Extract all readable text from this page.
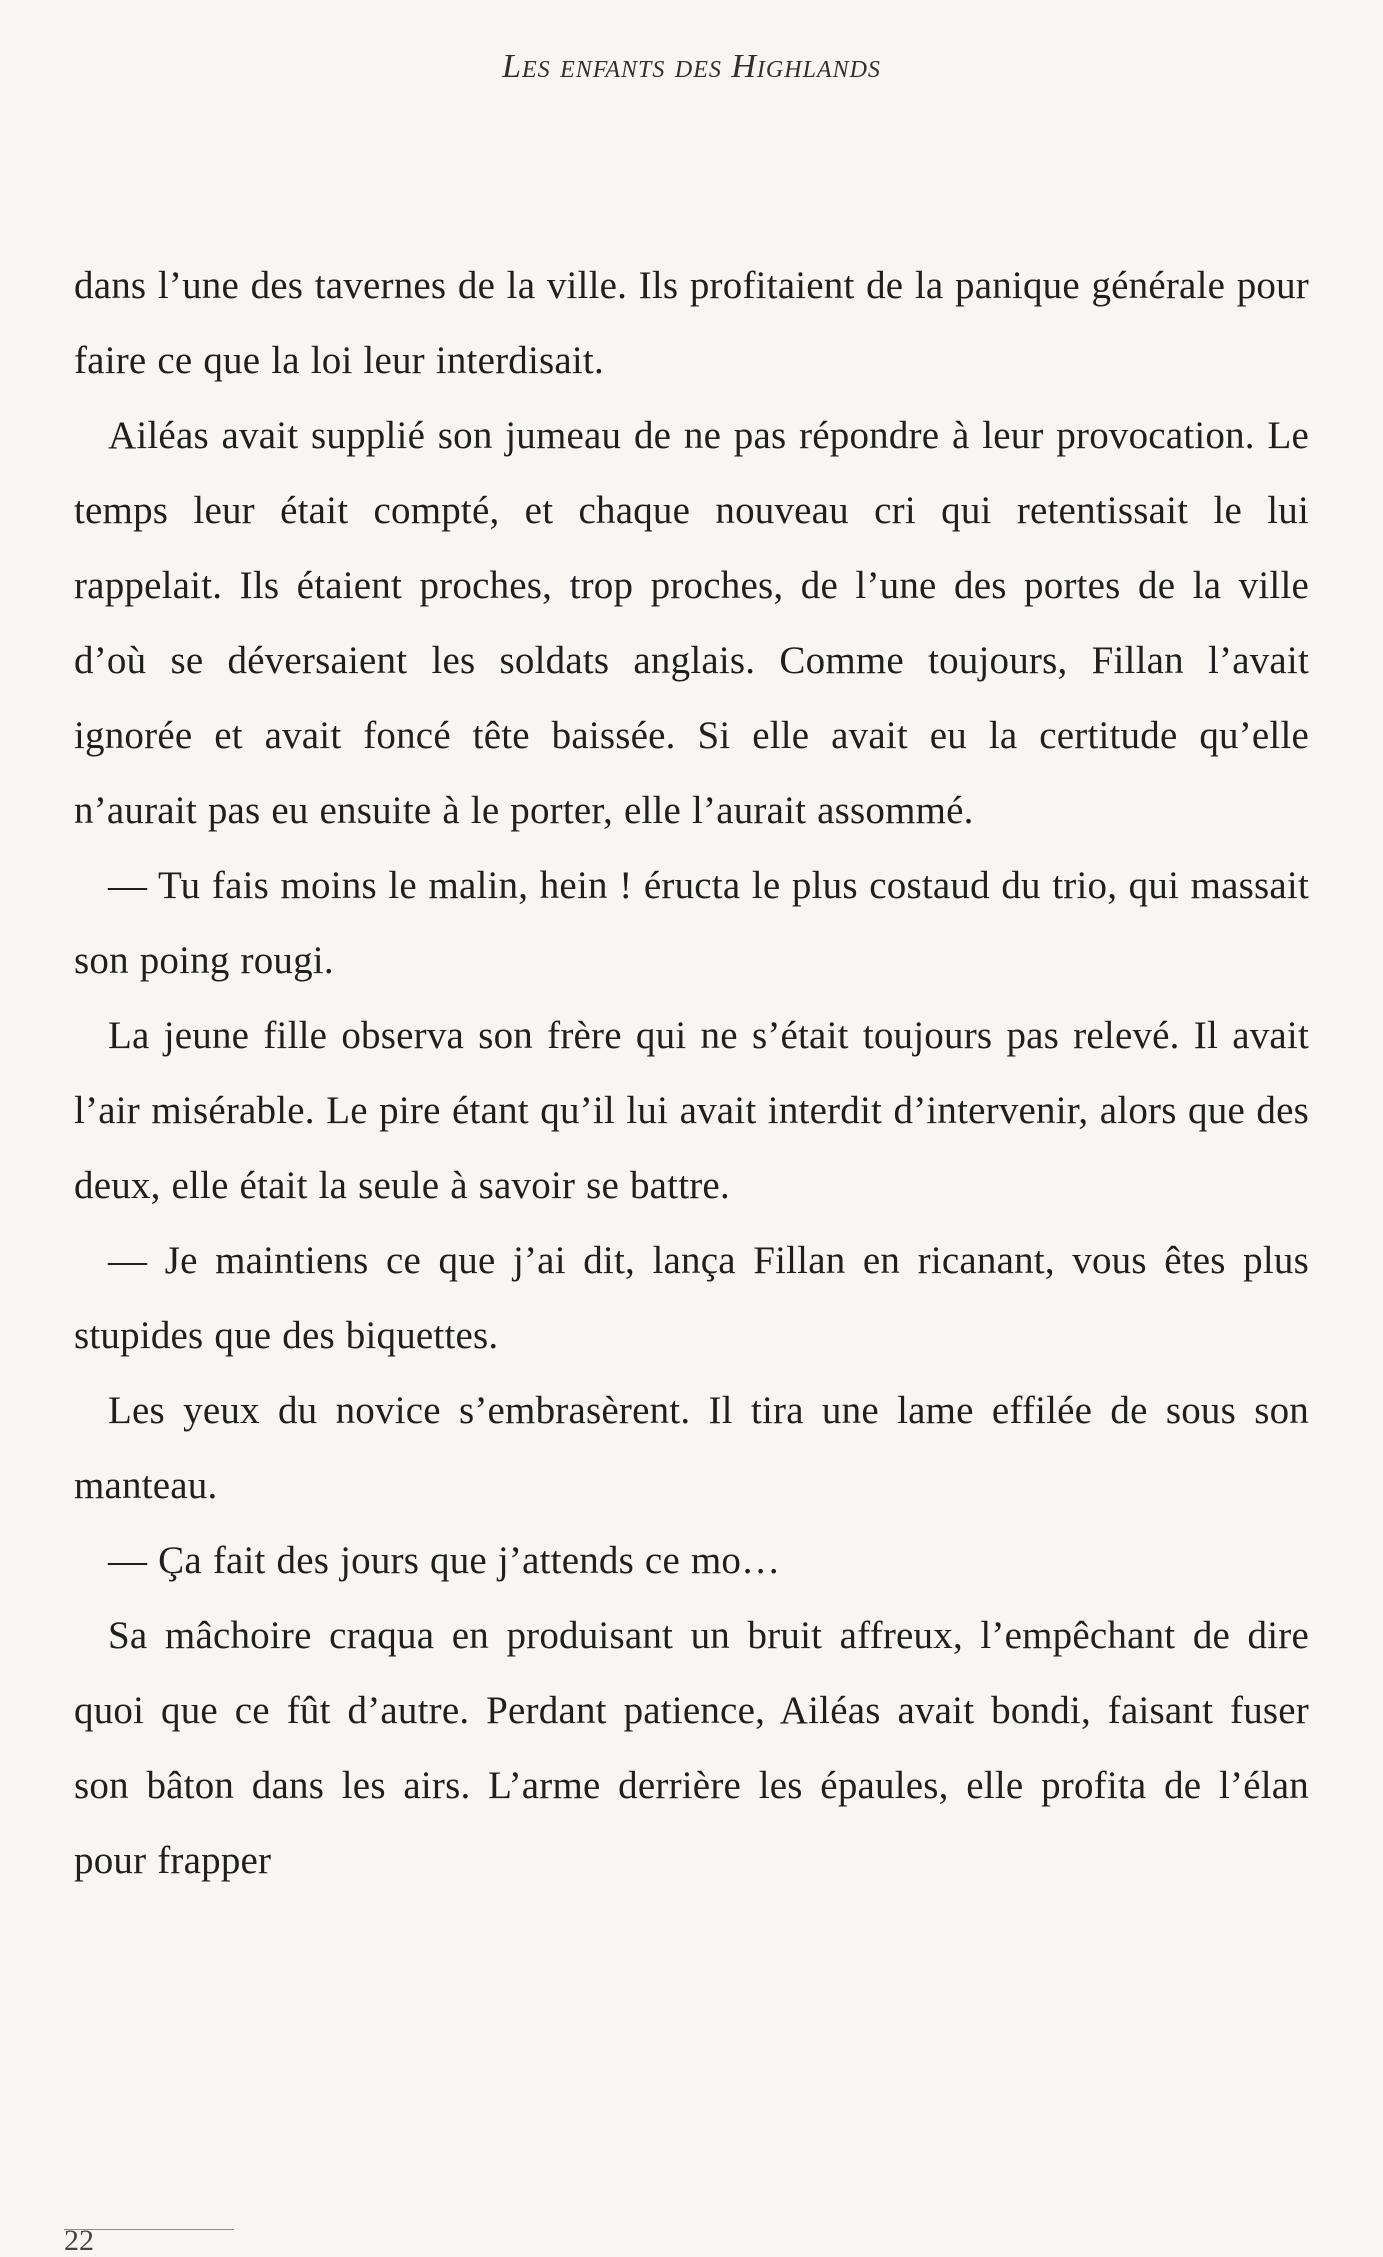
Les enfants des Highlands

dans l’une des tavernes de la ville. Ils profitaient de la panique générale pour faire ce que la loi leur interdisait.

Ailéas avait supplié son jumeau de ne pas répondre à leur provocation. Le temps leur était compté, et chaque nouveau cri qui retentissait le lui rappelait. Ils étaient proches, trop proches, de l’une des portes de la ville d’où se déversaient les soldats anglais. Comme toujours, Fillan l’avait ignorée et avait foncé tête baissée. Si elle avait eu la certitude qu’elle n’aurait pas eu ensuite à le porter, elle l’aurait assommé.

— Tu fais moins le malin, hein ! éructa le plus costaud du trio, qui massait son poing rougi.

La jeune fille observa son frère qui ne s’était toujours pas relevé. Il avait l’air misérable. Le pire étant qu’il lui avait interdit d’intervenir, alors que des deux, elle était la seule à savoir se battre.

— Je maintiens ce que j’ai dit, lança Fillan en ricanant, vous êtes plus stupides que des biquettes.

Les yeux du novice s’embrasèrent. Il tira une lame effilée de sous son manteau.

— Ça fait des jours que j’attends ce mo…

Sa mâchoire craqua en produisant un bruit affreux, l’empêchant de dire quoi que ce fût d’autre. Perdant patience, Ailéas avait bondi, faisant fuser son bâton dans les airs. L’arme derrière les épaules, elle profita de l’élan pour frapper

22
